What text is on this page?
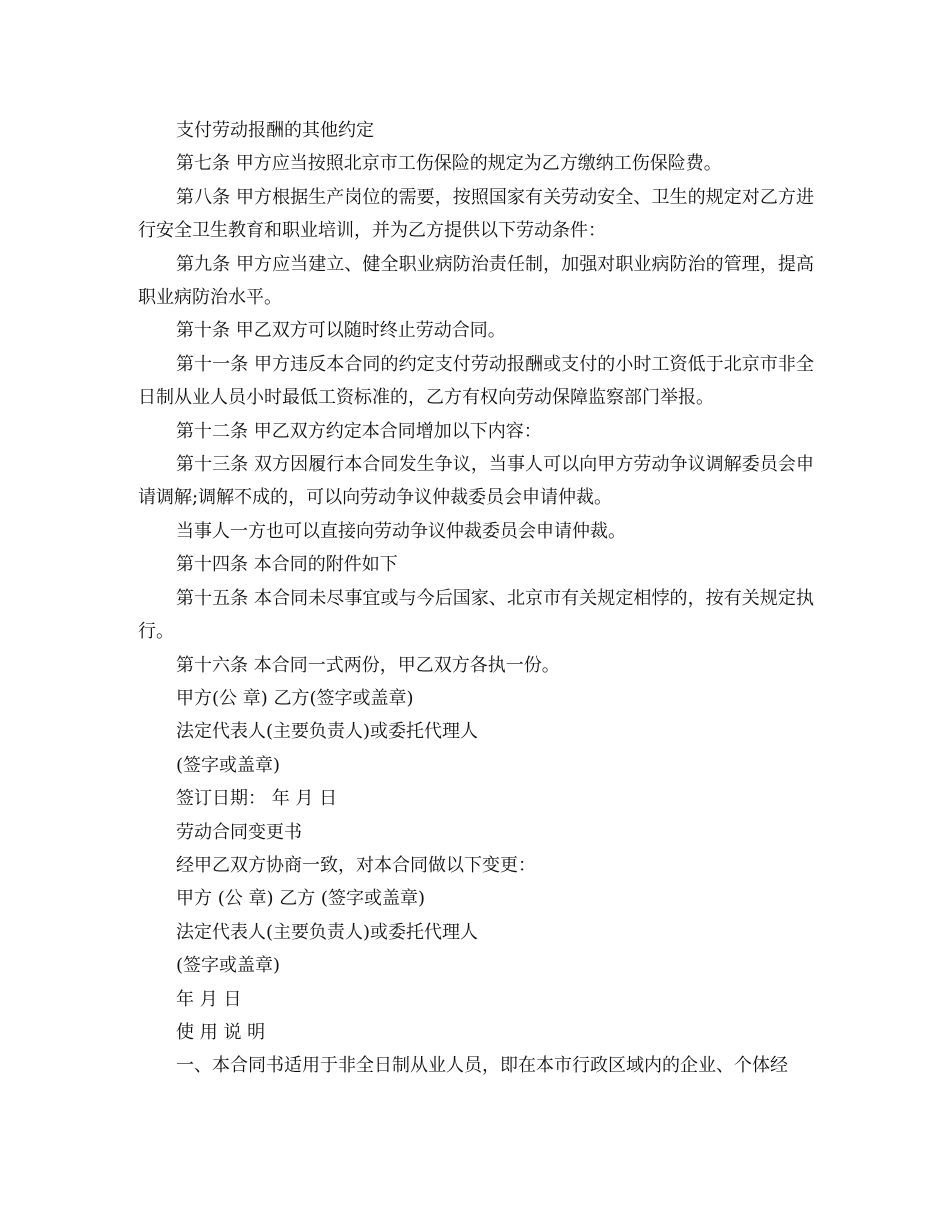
支付劳动报酬的其他约定

第七条 甲方应当按照北京市工伤保险的规定为乙方缴纳工伤保险费。

第八条 甲方根据生产岗位的需要，按照国家有关劳动安全、卫生的规定对乙方进行安全卫生教育和职业培训，并为乙方提供以下劳动条件：

第九条 甲方应当建立、健全职业病防治责任制，加强对职业病防治的管理，提高职业病防治水平。

第十条 甲乙双方可以随时终止劳动合同。

第十一条 甲方违反本合同的约定支付劳动报酬或支付的小时工资低于北京市非全日制从业人员小时最低工资标准的，乙方有权向劳动保障监察部门举报。

第十二条 甲乙双方约定本合同增加以下内容：

第十三条 双方因履行本合同发生争议，当事人可以向甲方劳动争议调解委员会申请调解;调解不成的，可以向劳动争议仲裁委员会申请仲裁。

当事人一方也可以直接向劳动争议仲裁委员会申请仲裁。

第十四条 本合同的附件如下

第十五条 本合同未尽事宜或与今后国家、北京市有关规定相悖的，按有关规定执行。

第十六条 本合同一式两份，甲乙双方各执一份。

甲方(公 章) 乙方(签字或盖章)

法定代表人(主要负责人)或委托代理人

(签字或盖章)

签订日期： 年 月 日

劳动合同变更书

经甲乙双方协商一致，对本合同做以下变更：

甲方 (公 章) 乙方 (签字或盖章)

法定代表人(主要负责人)或委托代理人

(签字或盖章)

年 月 日

使 用 说 明

一、本合同书适用于非全日制从业人员，即在本市行政区域内的企业、个体经
